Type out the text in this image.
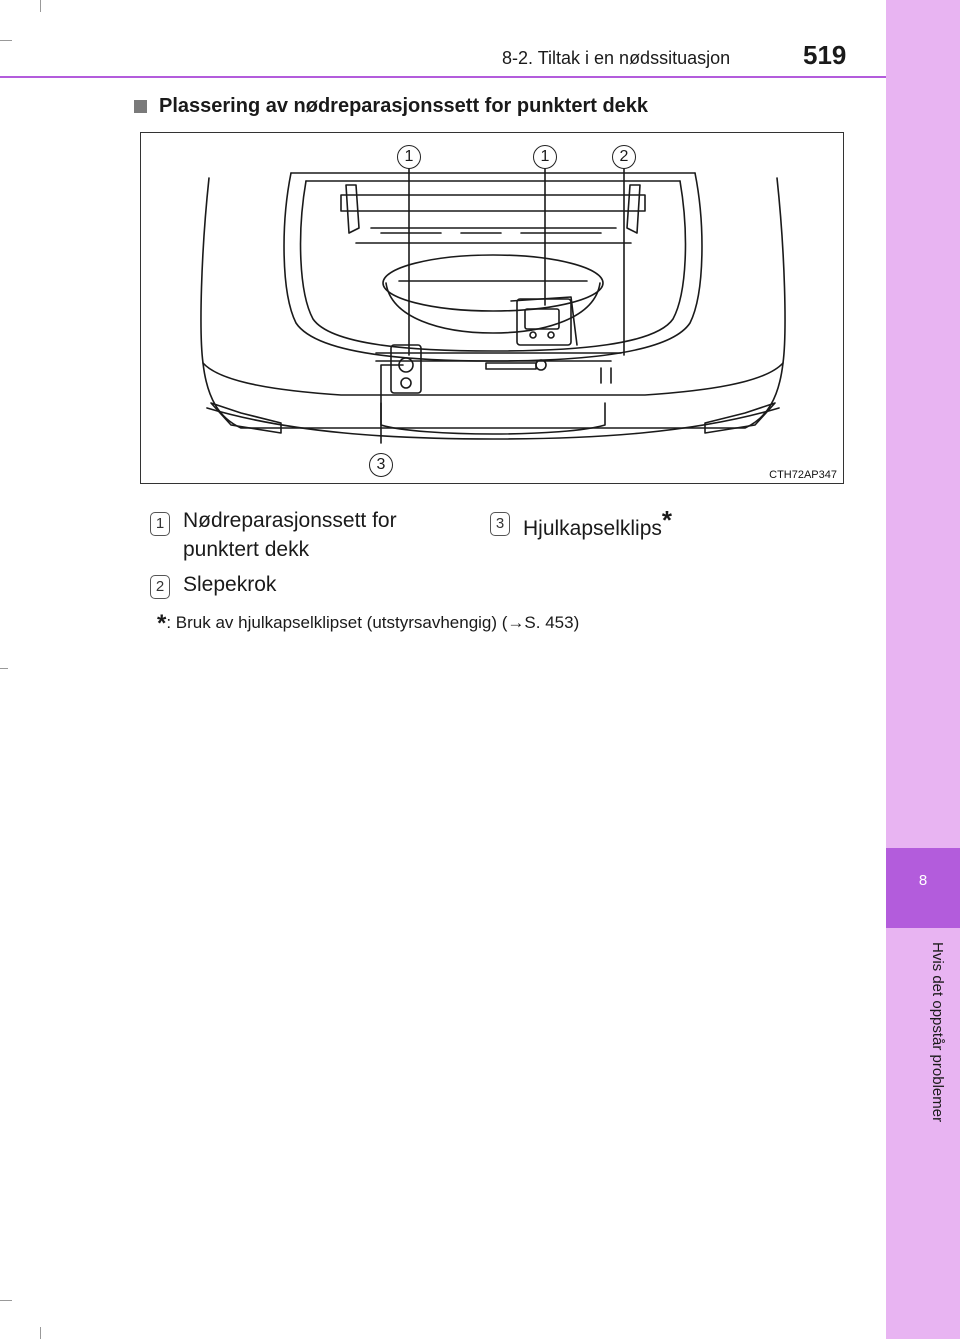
8-2. Tiltak i en nødssituasjon	519
8
Hvis det oppstår problemer
Plassering av nødreparasjonssett for punktert dekk
1	1	2
3
CTH72AP347
1 Nødreparasjonssett for
punktert dekk
2 Slepekrok
3 Hjulkapselklips*
*: Bruk av hjulkapselklipset (utstyrsavhengig) (→S. 453)
